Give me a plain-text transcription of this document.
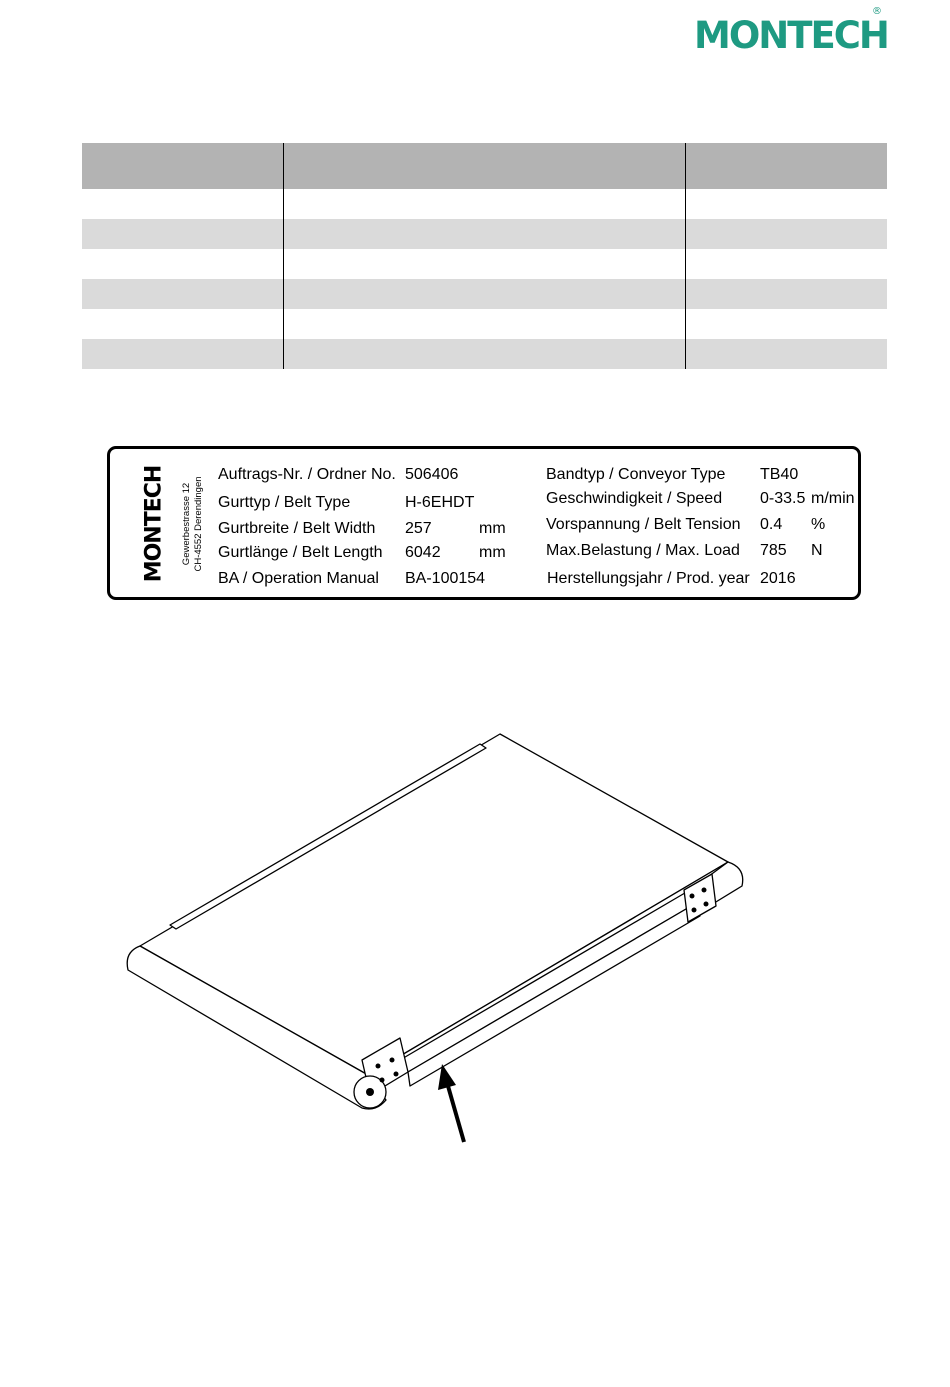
MONTECH
®

MONTECH Gewerbestrasse 12 CH-4552 Derendingen
Auftrags-Nr. / Ordner No. 506406
Gurttyp / Belt Type	H-6EHDT
Gurtbreite / Belt Width 257	mm
Gurtlänge / Belt Length 6042 mm
BA / Operation Manual BA-100154
Bandtyp / Conveyor Type TB40
Geschwindigkeit / Speed 0-33.5 m/min
Vorspannung / Belt Tension 0.4 %
Max.Belastung / Max. Load 785 N
Herstellungsjahr / Prod. year 2016
